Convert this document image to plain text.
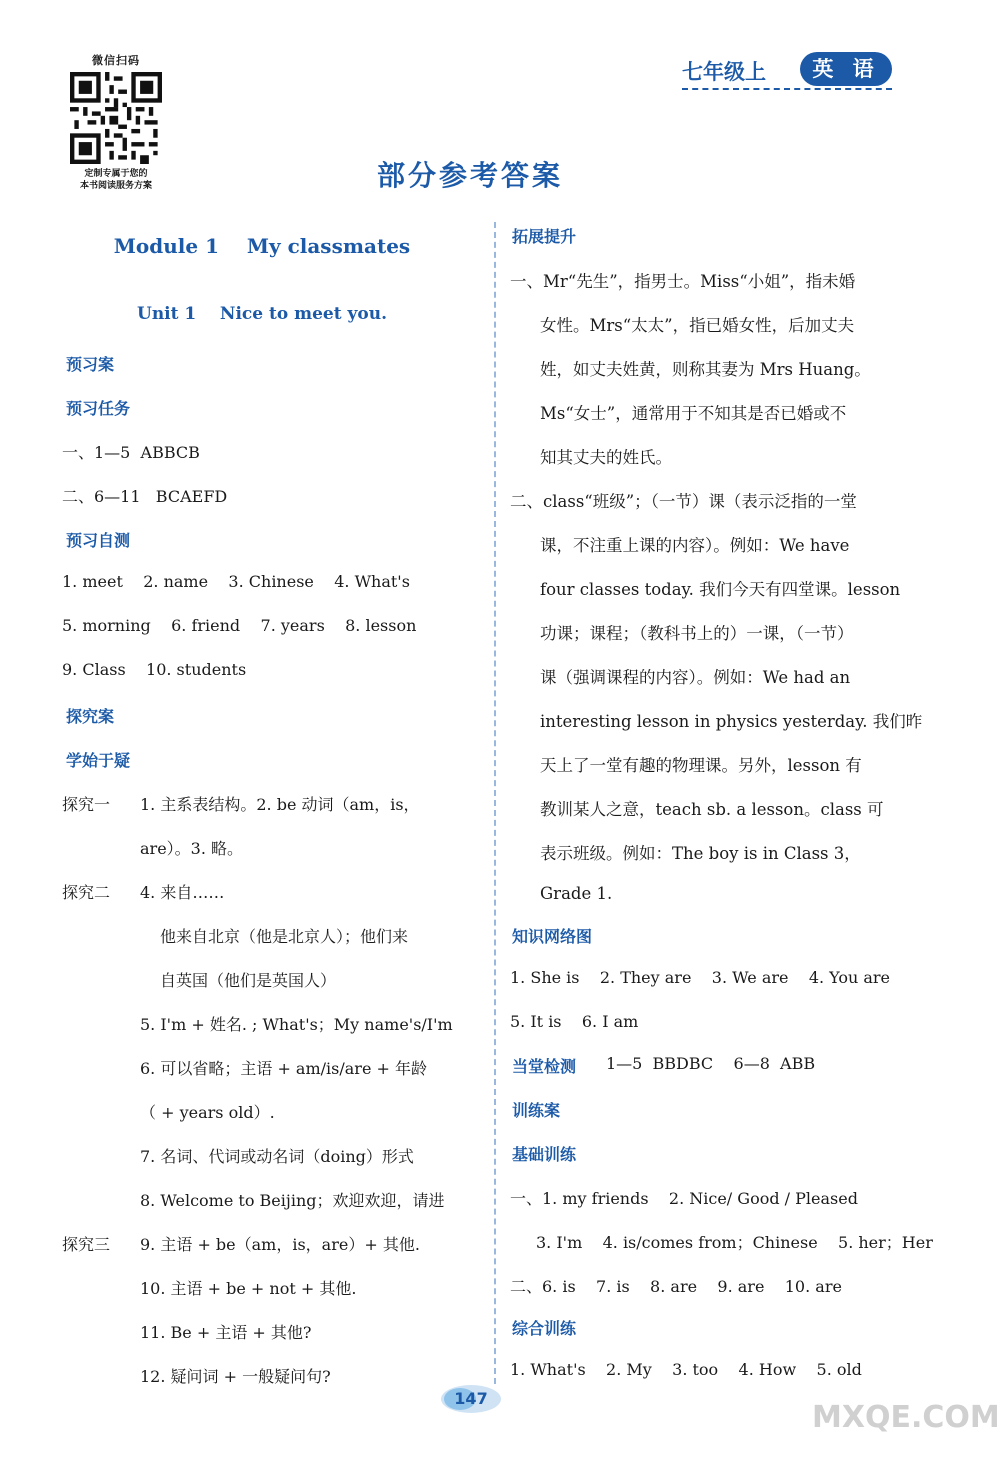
微信扫码
定制专属于您的
本书阅读服务方案
七年级上	英 语
部分参考答案
Module 1    My classmates
Unit 1    Nice to meet you.
预习案
预习任务
一、1—5  ABBCB
二、6—11   BCAEFD
预习自测
1. meet    2. name    3. Chinese    4. What's
5. morning    6. friend    7. years    8. lesson
9. Class    10. students
探究案
学始于疑
探究一 1. 主系表结构。2. be 动词（am，is，
are）。3. 略。
探究二 4. 来自……
他来自北京（他是北京人）；他们来
自英国（他们是英国人）
5. I'm + 姓名. ; What's；My name's/I'm
6. 可以省略；主语 + am/is/are + 年龄
（ + years old）.
7. 名词、代词或动名词（doing）形式
8. Welcome to Beijing；欢迎欢迎，请进
探究三 9. 主语 + be（am，is，are）+ 其他.
10. 主语 + be + not + 其他.
11. Be + 主语 + 其他?
12. 疑问词 + 一般疑问句?
拓展提升
一、Mr“先生”，指男士。Miss“小姐”，指未婚
女性。Mrs“太太”，指已婚女性，后加丈夫
姓，如丈夫姓黄，则称其妻为 Mrs Huang。
Ms“女士”，通常用于不知其是否已婚或不
知其丈夫的姓氏。
二、class“班级”；（一节）课（表示泛指的一堂
课，不注重上课的内容）。例如：We have
four classes today. 我们今天有四堂课。lesson
功课；课程；（教科书上的）一课，（一节）
课（强调课程的内容）。例如：We had an
interesting lesson in physics yesterday. 我们昨
天上了一堂有趣的物理课。另外，lesson 有
教训某人之意，teach sb. a lesson。class 可
表示班级。例如：The boy is in Class 3，
Grade 1.
知识网络图
1. She is    2. They are    3. We are    4. You are
5. It is    6. I am
当堂检测 1—5  BBDBC    6—8  ABB
训练案
基础训练
一、1. my friends    2. Nice/ Good / Pleased
3. I'm    4. is/comes from；Chinese    5. her；Her
二、6. is    7. is    8. are    9. are    10. are
综合训练
1. What's    2. My    3. too    4. How    5. old
147
MXQE.COM
